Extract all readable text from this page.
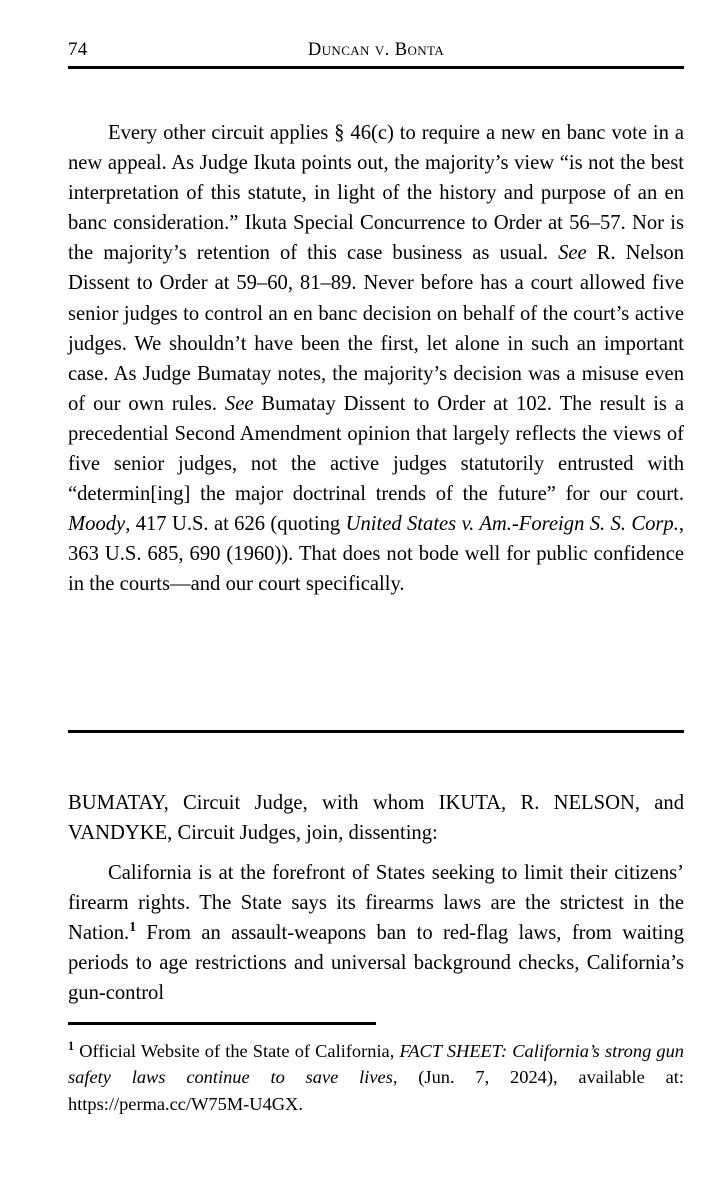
74	Duncan v. Bonta

Every other circuit applies § 46(c) to require a new en banc vote in a new appeal. As Judge Ikuta points out, the majority’s view “is not the best interpretation of this statute, in light of the history and purpose of an en banc consideration.” Ikuta Special Concurrence to Order at 56–57. Nor is the majority’s retention of this case business as usual. See R. Nelson Dissent to Order at 59–60, 81–89. Never before has a court allowed five senior judges to control an en banc decision on behalf of the court’s active judges. We shouldn’t have been the first, let alone in such an important case. As Judge Bumatay notes, the majority’s decision was a misuse even of our own rules. See Bumatay Dissent to Order at 102. The result is a precedential Second Amendment opinion that largely reflects the views of five senior judges, not the active judges statutorily entrusted with “determin[ing] the major doctrinal trends of the future” for our court. Moody, 417 U.S. at 626 (quoting United States v. Am.-Foreign S. S. Corp., 363 U.S. 685, 690 (1960)). That does not bode well for public confidence in the courts—and our court specifically.

BUMATAY, Circuit Judge, with whom IKUTA, R. NELSON, and VANDYKE, Circuit Judges, join, dissenting:

California is at the forefront of States seeking to limit their citizens’ firearm rights. The State says its firearms laws are the strictest in the Nation.$^1$ From an assault-weapons ban to red-flag laws, from waiting periods to age restrictions and universal background checks, California’s gun-control

$^1$ Official Website of the State of California, FACT SHEET: California’s strong gun safety laws continue to save lives, (Jun. 7, 2024), available at: https://perma.cc/W75M-U4GX.
